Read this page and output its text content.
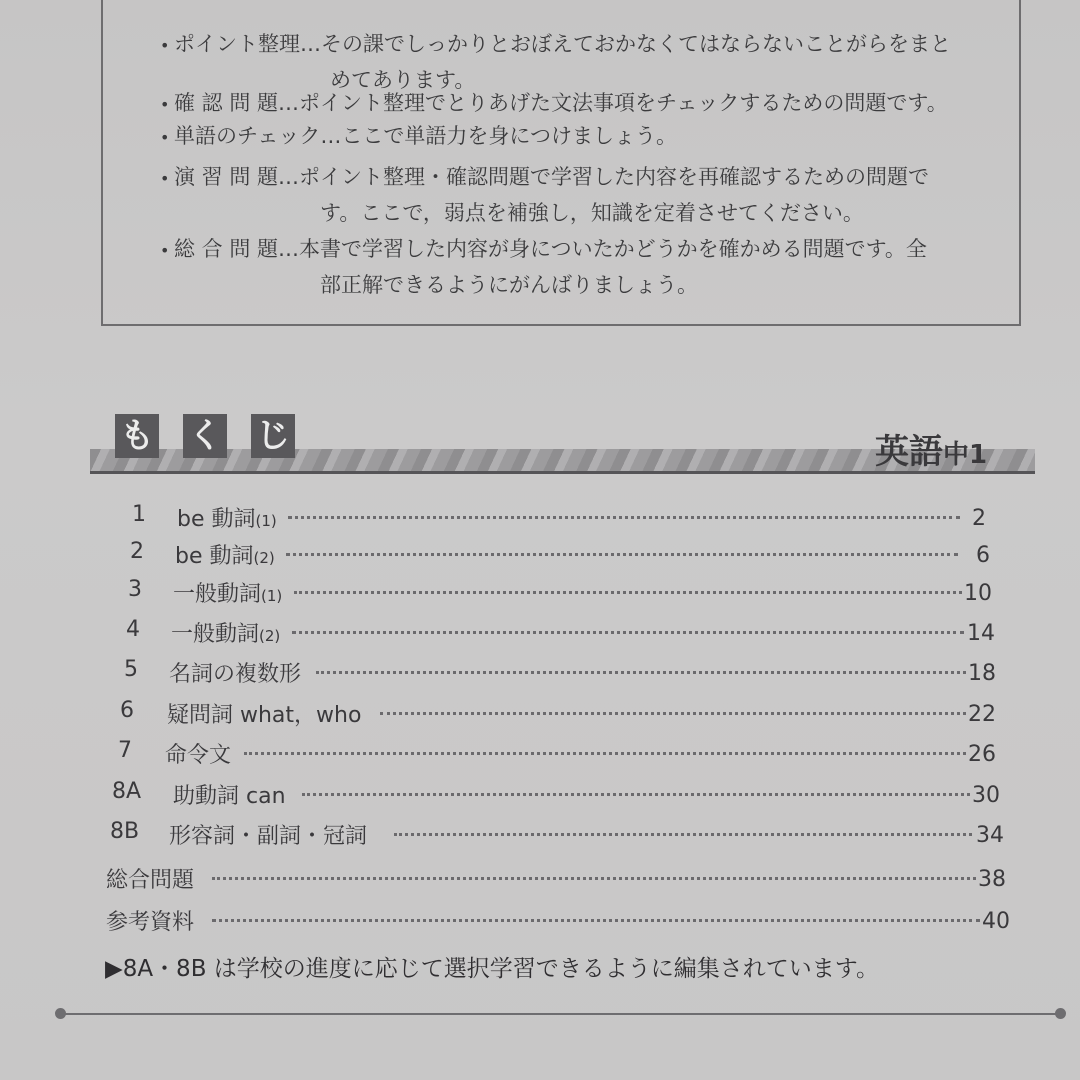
• ポイント整理…その課でしっかりとおぼえておかなくてはならないことがらをまと
めてあります。
• 確 認 問 題…ポイント整理でとりあげた文法事項をチェックするための問題です。
• 単語のチェック…ここで単語力を身につけましょう。
• 演 習 問 題…ポイント整理・確認問題で学習した内容を再確認するための問題で
す。ここで，弱点を補強し，知識を定着させてください。
• 総 合 問 題…本書で学習した内容が身についたかどうかを確かめる問題です。全
部正解できるようにがんばりましょう。
も く じ	英語中1
1 be 動詞(1)	2
2 be 動詞(2)	6
3 一般動詞(1)	10
4 一般動詞(2)	14
5 名詞の複数形	18
6 疑問詞 what，who	22
7 命令文	26
8A 助動詞 can	30
8B 形容詞・副詞・冠詞	34
総合問題	38
参考資料	40
▶8A・8B は学校の進度に応じて選択学習できるように編集されています。
